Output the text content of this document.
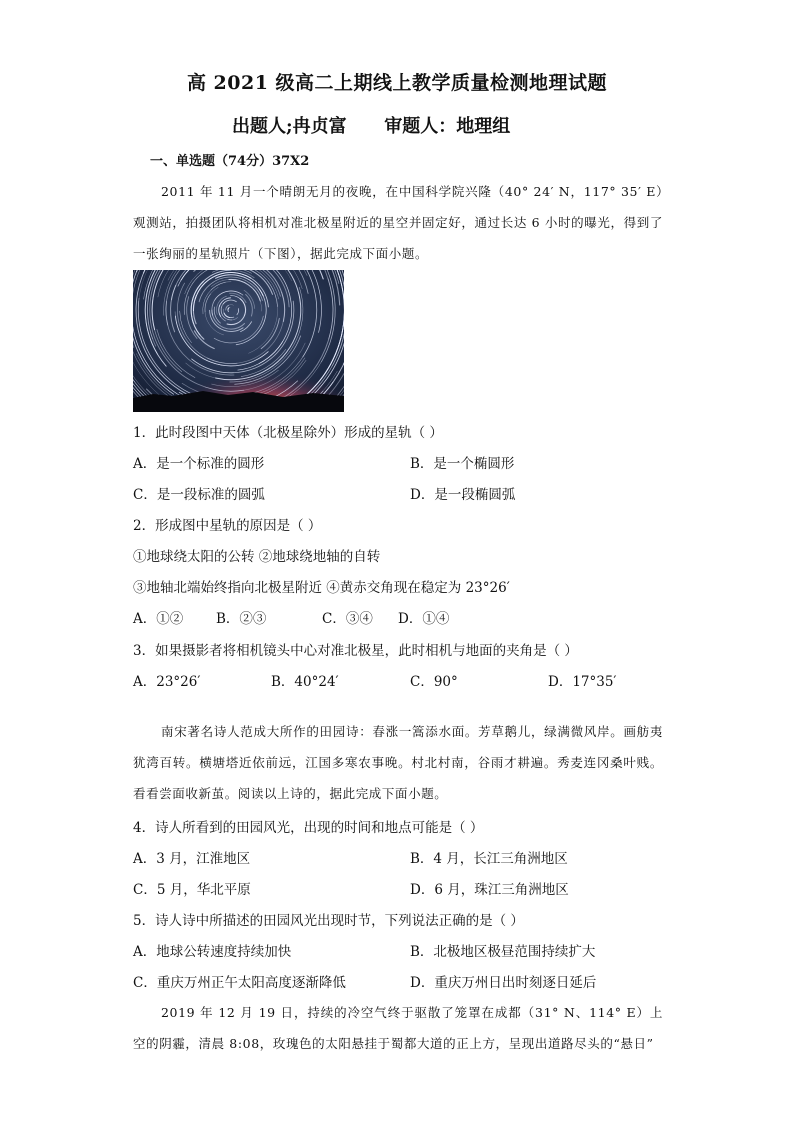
高 2021 级高二上期线上教学质量检测地理试题
出题人;冉贞富      审题人：地理组
一、单选题（74分）37X2
2011 年 11 月一个晴朗无月的夜晚，在中国科学院兴隆（40° 24′ N，117° 35′ E）观测站，拍摄团队将相机对准北极星附近的星空并固定好，通过长达 6 小时的曝光，得到了一张绚丽的星轨照片（下图），据此完成下面小题。
1．此时段图中天体（北极星除外）形成的星轨（ ）
A．是一个标准的圆形	B．是一个椭圆形
C．是一段标准的圆弧	D．是一段椭圆弧
2．形成图中星轨的原因是（ ）
①地球绕太阳的公转 ②地球绕地轴的自转
③地轴北端始终指向北极星附近 ④黄赤交角现在稳定为 23°26′
A．①② B．②③	C．③④ D．①④
3．如果摄影者将相机镜头中心对准北极星，此时相机与地面的夹角是（ ）
A．23°26′	B．40°24′	C．90°	D．17°35′
南宋著名诗人范成大所作的田园诗：春涨一篙添水面。芳草鹅儿，绿满微风岸。画舫夷犹湾百转。横塘塔近依前远，江国多寒农事晚。村北村南，谷雨才耕遍。秀麦连冈桑叶贱。看看尝面收新茧。阅读以上诗的，据此完成下面小题。
4．诗人所看到的田园风光，出现的时间和地点可能是（ ）
A．3 月，江淮地区	B．4 月，长江三角洲地区
C．5 月，华北平原	D．6 月，珠江三角洲地区
5．诗人诗中所描述的田园风光出现时节，下列说法正确的是（ ）
A．地球公转速度持续加快	B．北极地区极昼范围持续扩大
C．重庆万州正午太阳高度逐渐降低	D．重庆万州日出时刻逐日延后
2019 年 12 月 19 日，持续的冷空气终于驱散了笼罩在成都（31° N、114° E）上空的阴霾，清晨 8:08，玫瑰色的太阳悬挂于蜀都大道的正上方，呈现出道路尽头的“悬日”
